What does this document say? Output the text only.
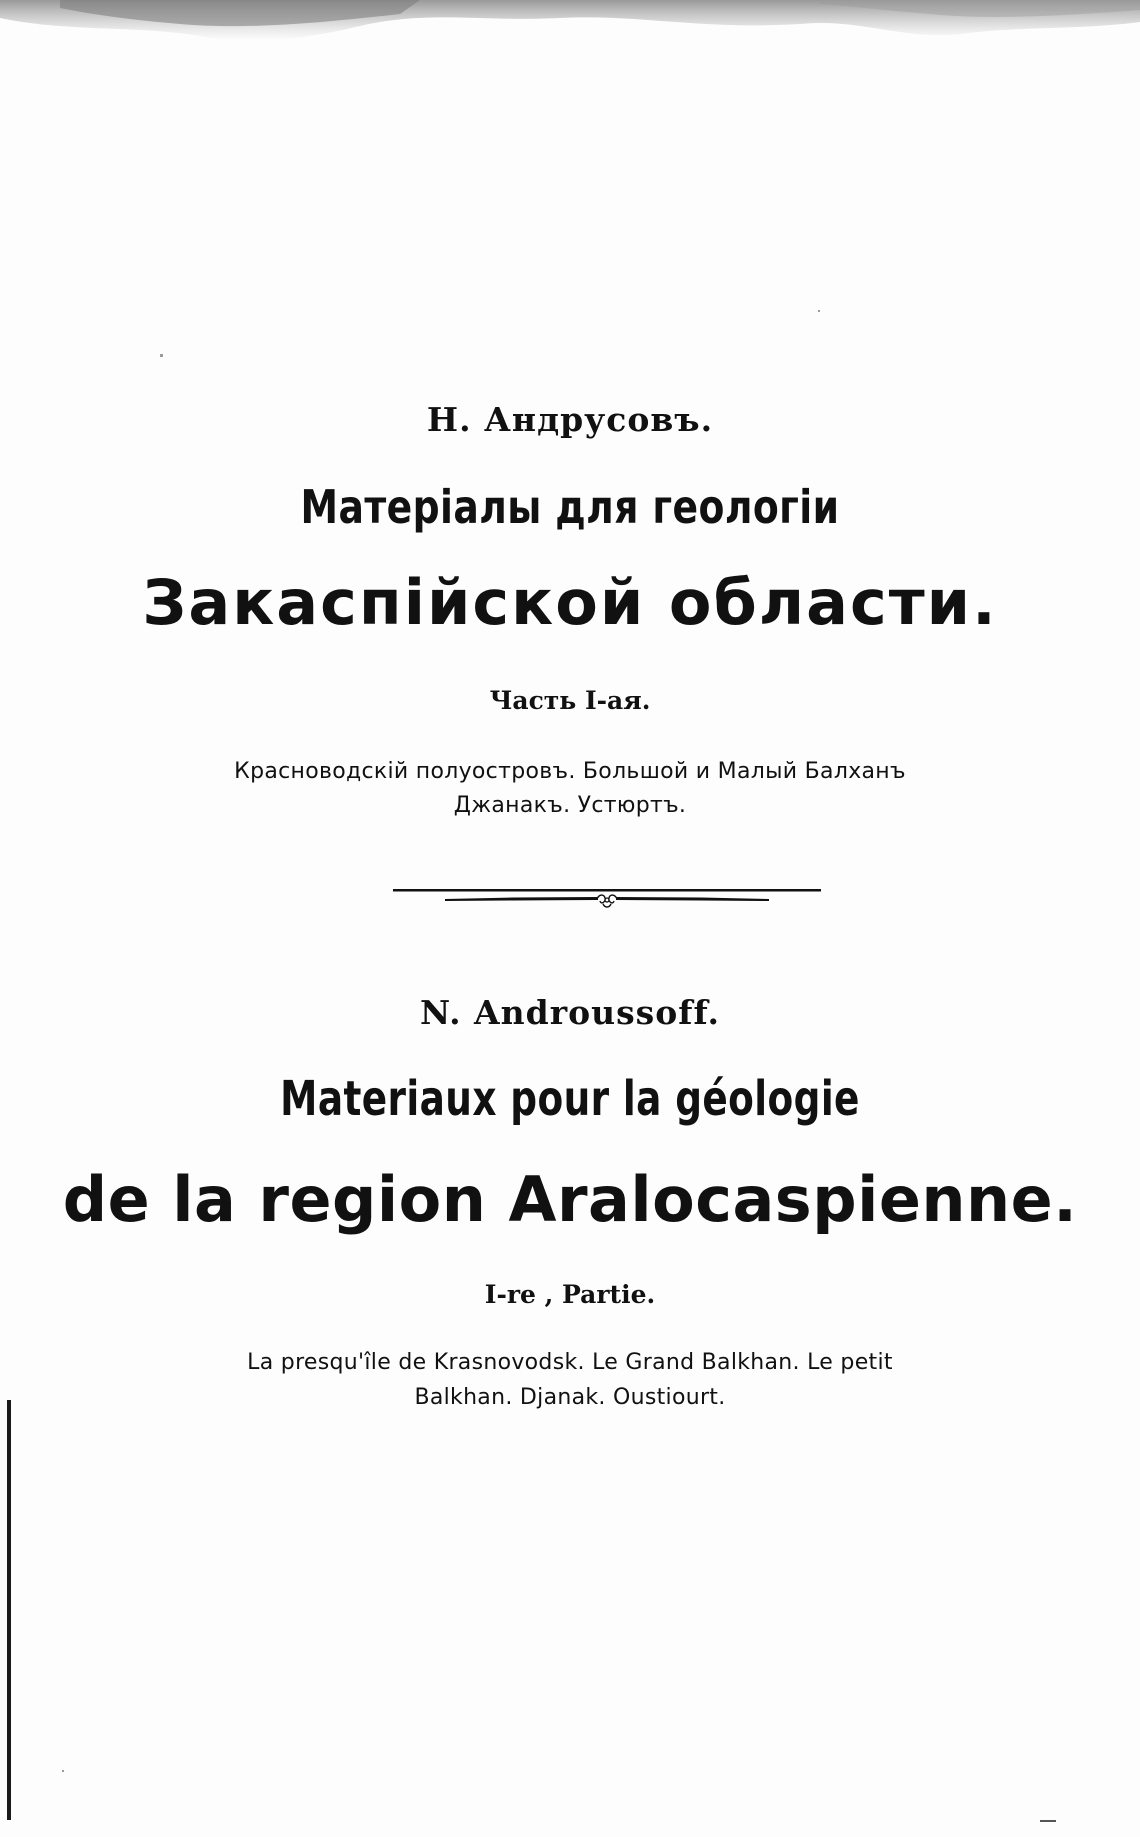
Н. Андрусовъ.
Матеріалы для геологіи
Закаспійской области.
Часть I-ая.
Красноводскій полуостровъ. Большой и Малый Балханъ
Джанакъ. Устюртъ.
N. Androussoff.
Materiaux pour la géologie
de la region Aralocaspienne.
I-re , Partie.
La presqu'île de Krasnovodsk. Le Grand Balkhan. Le petit
Balkhan. Djanak. Oustiourt.
